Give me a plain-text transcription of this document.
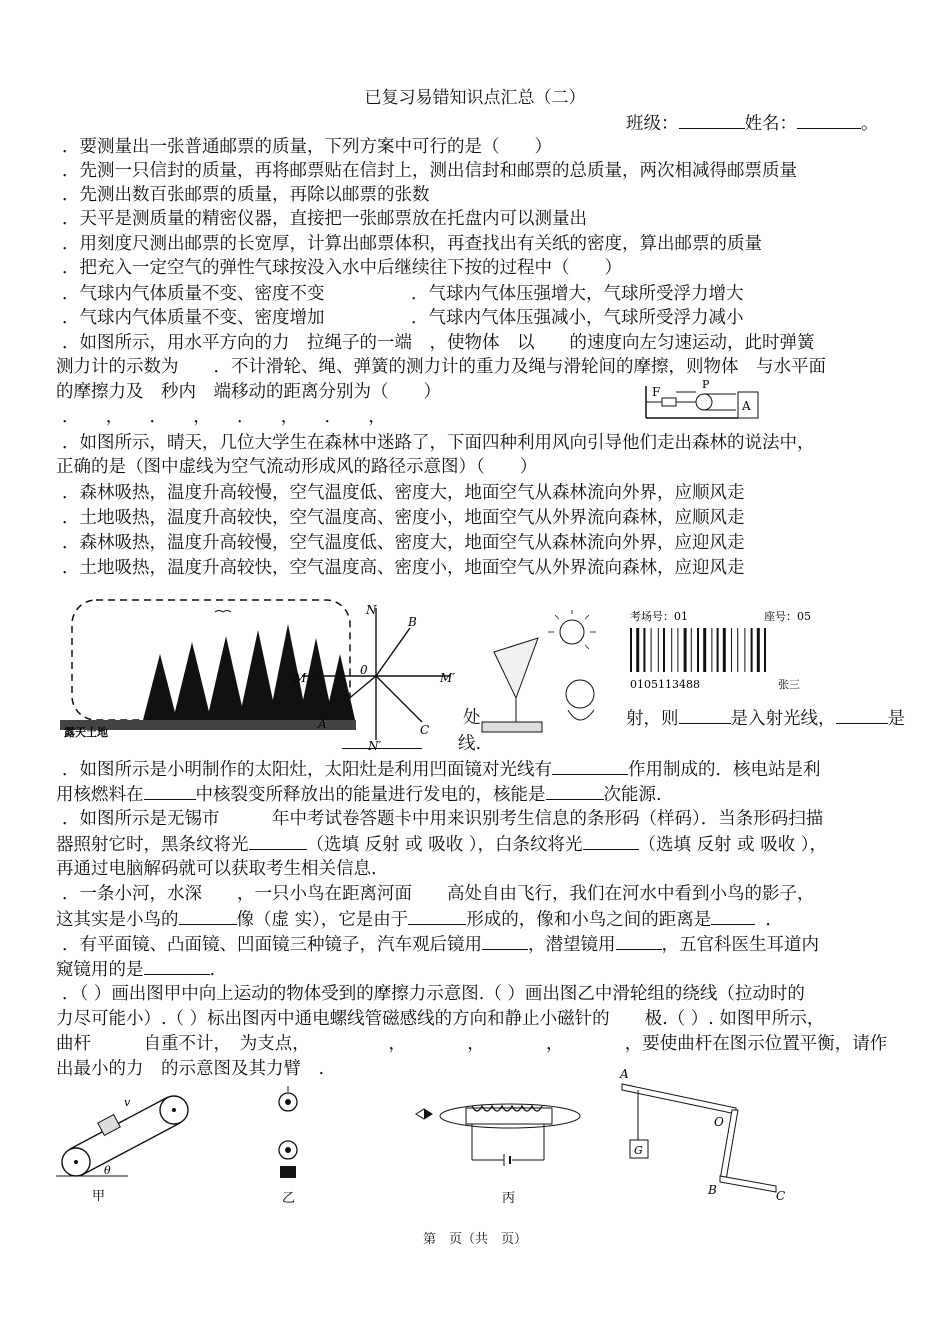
已复习易错知识点汇总（二）
班级：	姓名：	。
．要测量出一张普通邮票的质量，下列方案中可行的是（　　）
．先测一只信封的质量，再将邮票贴在信封上，测出信封和邮票的总质量，两次相减得邮票质量
．先测出数百张邮票的质量，再除以邮票的张数
．天平是测质量的精密仪器，直接把一张邮票放在托盘内可以测量出
．用刻度尺测出邮票的长宽厚，计算出邮票体积，再查找出有关纸的密度，算出邮票的质量
．把充入一定空气的弹性气球按没入水中后继续往下按的过程中（　　）
．气球内气体质量不变、密度不变	．气球内气体压强增大，气球所受浮力增大
．气球内气体质量不变、密度增加	．气球内气体压强减小，气球所受浮力减小
．如图所示，用水平方向的力　拉绳子的一端　，使物体　以　　的速度向左匀速运动，此时弹簧
测力计的示数为　　．不计滑轮、绳、弹簧的测力计的重力及绳与滑轮间的摩擦，则物体　与水平面
的摩擦力及　秒内　端移动的距离分别为（　　）
．　　，　　．　　，　　．　　，　　．　　，
．如图所示，晴天，几位大学生在森林中迷路了，下面四种利用风向引导他们走出森林的说法中，
正确的是（图中虚线为空气流动形成风的路径示意图）（　　）
．森林吸热，温度升高较慢，空气温度低、密度大，地面空气从森林流向外界，应顺风走
．土地吸热，温度升高较快，空气温度高、密度小，地面空气从外界流向森林，应顺风走
．森林吸热，温度升高较慢，空气温度低、密度大，地面空气从森林流向外界，应迎风走
．土地吸热，温度升高较快，空气温度高、密度小，地面空气从外界流向森林，应迎风走
F
P
A
露天土地
N
B
0
M	M′
A	C
N′
考场号：01	座号：05
0105113488	张三
处	射，则	是入射光线，	是
线.
．如图所示是小明制作的太阳灶，太阳灶是利用凹面镜对光线有	作用制成的．核电站是利
用核燃料在	中核裂变所释放出的能量进行发电的，核能是	次能源.
．如图所示是无锡市　　　年中考试卷答题卡中用来识别考生信息的条形码（样码）．当条形码扫描
器照射它时，黑条纹将光	（选填 反射 或 吸收 ），白条纹将光	（选填 反射 或 吸收 ），
再通过电脑解码就可以获取考生相关信息.
．一条小河，水深　　，一只小鸟在距离河面　　高处自由飞行，我们在河水中看到小鸟的影子，
这其实是小鸟的	像（虚 实），它是由于	形成的，像和小鸟之间的距离是	．
．有平面镜、凸面镜、凹面镜三种镜子，汽车观后镜用	，潜望镜用	，五官科医生耳道内
窥镜用的是	.
．（ ）画出图甲中向上运动的物体受到的摩擦力示意图.（ ）画出图乙中滑轮组的绕线（拉动时的
力尽可能小）.（ ）标出图丙中通电螺线管磁感线的方向和静止小磁针的　　极.（ ）. 如图甲所示，
曲杆　　　自重不计，　为支点，　　　　　，　　　　，　　　　，　　　　，要使曲杆在图示位置平衡，请作
出最小的力　的示意图及其力臂　.
v
θ
甲	乙	丙
A
G
O
B	C
第　页（共　页）
